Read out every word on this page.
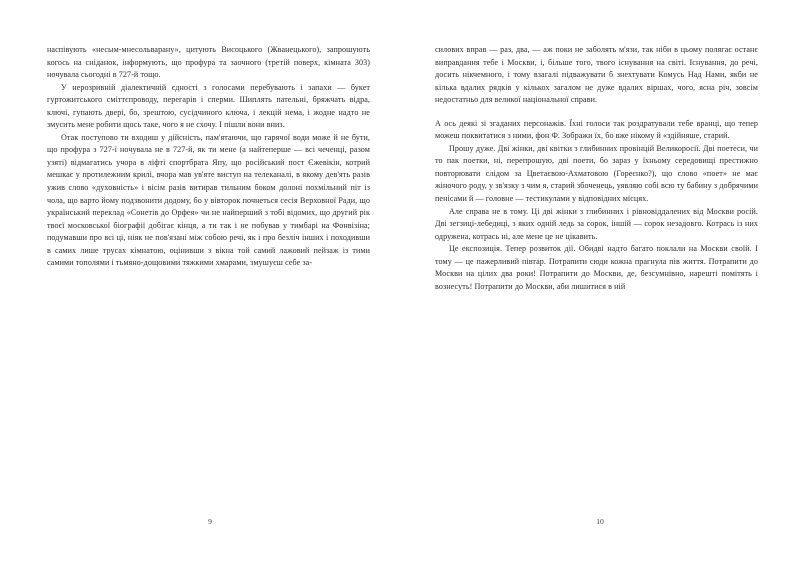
наспівують «несым-мнесольварану», цитують Висоцького (Жванецького), запрошують когось на сніданок, інформують, що профура та заочного (третій поверх, кімната 303) ночувала сьогодні в 727-й тощо.

У нерозривній діалектичній єдності з голосами перебувають і запахи — букет гуртожитського сміттєпроводу, перегарів і сперми. Шиплять пательні, бряжчать відра, ключі, гупають двері, бо, зрештою, сусідчиного ключа, і лекцій нема, і жодне надто не змусить мене робити щось таке, чого я не схочу. І пішли вони вниз.

Отак поступово ти входиш у дійсність, пам'ятаючи, що гарячої води може й не бути, що профура з 727-ї ночувала не в 727-й, як ти мене (а найтеперше — всі чеченці, разом узяті) відмагатись учора в ліфті спортбрата Япу, що російський пост Єжевікін, котрий мешкає у протилежним крилі, вчора мав ув'яте виступ на телеканалі, в якому дев'ять разів ужив слово «духовність» і вісім разів витирав тильним боком долоні похмільний піт із чола, що варто йому подзвонити додому, бо у вівторок почнеться сесія Верховної Ради, що український переклад «Сонетів до Орфея» чи не найперший з тобі відомих, що другий рік твоєї московської біографії добігає кінця, а ти так і не побував у тимбарі на Фонвізіна; подумавши про всі ці, ніяк не пов'язані між собою речі, як і про безліч інших і походивши в самих лише трусах кімнатою, оцінивши з вікна той самий лажовий пейзаж із тими самими тополями і тьмяно-дощовими тяжкими хмарами, змушуєш себе за-

9

силових вправ — раз, два, — аж поки не заболять м'язи, так ніби в цьому полягає останє виправдання тебе і Москви, і, більше того, твого існування на світі. Існування, до речі, досить нікчемного, і тому взагалі підважувати б знехтувати Комусь Над Нами, якби не кілька вдалих рядків у кількох загалом не дуже вдалих віршах, чого, ясна річ, зовсім недостатньо для великої національної справи.

А ось деякі зі згаданих персонажів. Їхні голоси так роздратували тебе вранці, що тепер можеш поквитатися з ними, фон Ф. Зображи їх, бо вже нікому й «здійняше, старий.

Прошу дуже. Дві жінки, дві квітки з глибинних провінцій Великоросії. Дві поетеси, чи то пак поетки, ні, перепрошую, дві поети, бо зараз у їхньому середовищі престижно повторювати слідом за Цветаєвою-Ахматовою (Гореєнко?), що слово «поет» не має жіночого роду, у зв'язку з чим я, старий збоченець, уявляю собі всю ту бабину з добрячими пенісами й — головне — тестикулами у відповідних місцях.

Але справа не в тому. Ці дві жінки з глибинних і рівновіддалених від Москви росій. Дві зегзиці-лебедиці, з яких одній ледь за сорок, іншій — сорок незадовго. Котрась із них одружена, котрась ні, але мене це не цікавить.

Це експозиція. Тепер розвиток дії. Обидві надто багато поклали на Москви своїй. І тому — це пажерливий півтар. Потрапити сюди кожна прагнула пів життя. Потрапити до Москви на цілих два роки! Потрапити до Москви, де, безсумнівно, нарешті помітять і вознесуть! Потрапити до Москви, аби лишитися в ній

10
